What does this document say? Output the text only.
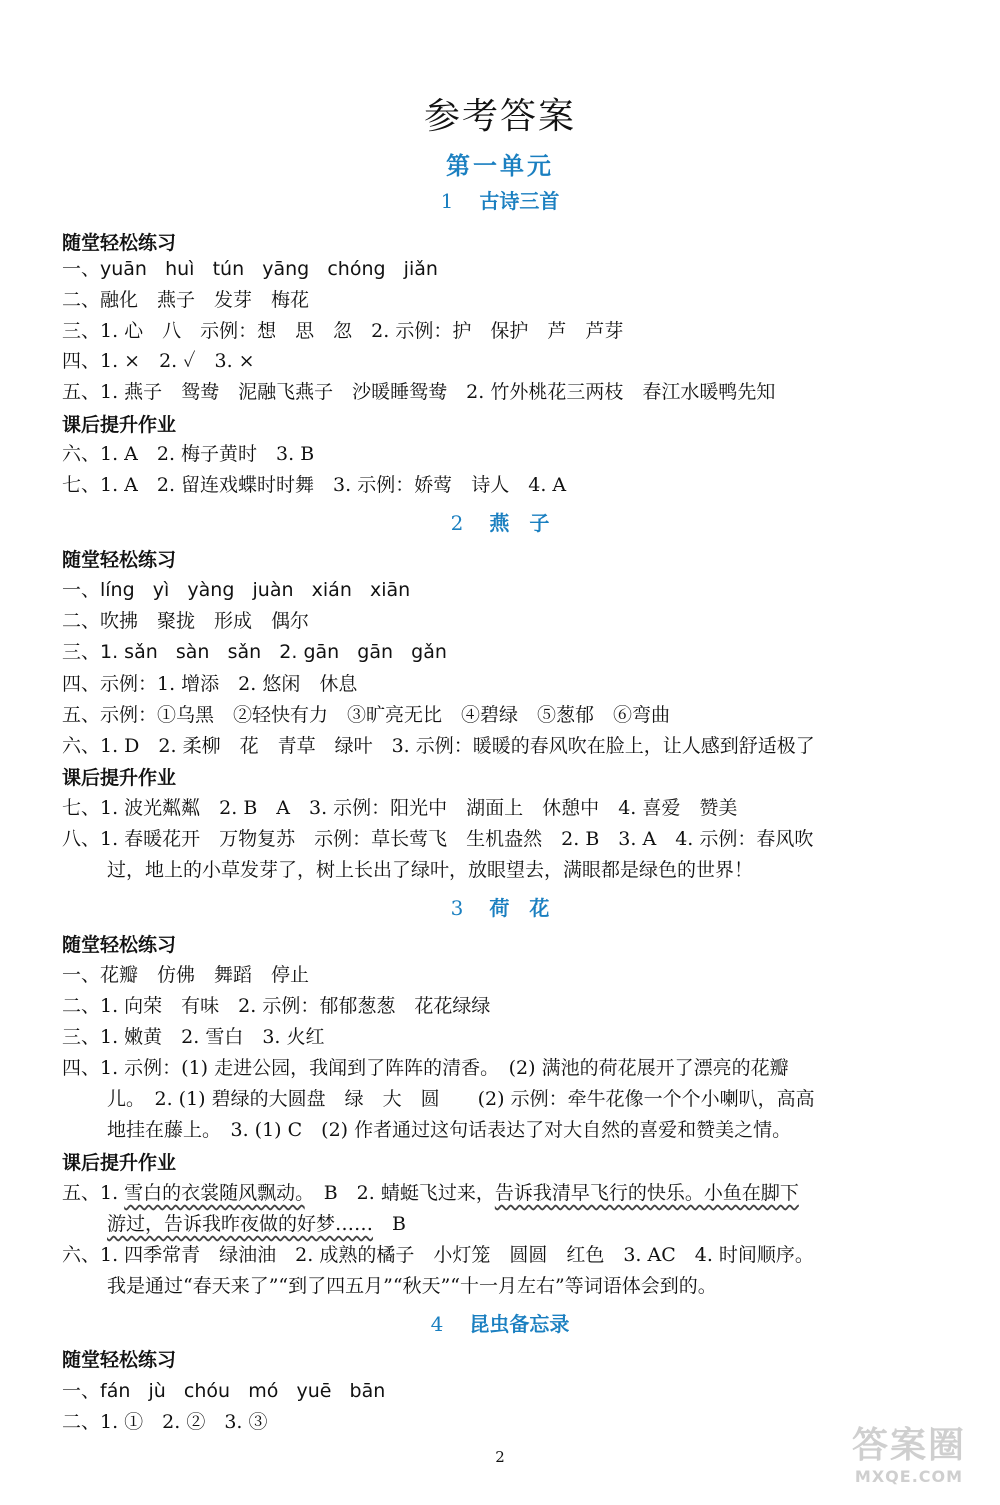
参考答案
第一单元
1 古诗三首
随堂轻松练习
一、yuān   huì   tún   yāng   chóng   jiǎn
二、融化　燕子　发芽　梅花
三、1. 心　八　示例：想　思　忽　2. 示例：护　保护　芦　芦芽
四、1. ×　2. ✓　3. ×
五、1. 燕子　鸳鸯　泥融飞燕子　沙暖睡鸳鸯　2. 竹外桃花三两枝　春江水暖鸭先知
课后提升作业
六、1. A　2. 梅子黄时　3. B
七、1. A　2. 留连戏蝶时时舞　3. 示例：娇莺　诗人　4. A
2 燕　子
随堂轻松练习
一、líng   yì   yàng   juàn   xián   xiān
二、吹拂　聚拢　形成　偶尔
三、1. sǎn   sàn   sǎn   2. gān   gān   gǎn
四、示例：1. 增添　2. 悠闲　休息
五、示例：①乌黑　②轻快有力　③旷亮无比　④碧绿　⑤葱郁　⑥弯曲
六、1. D　2. 柔柳　花　青草　绿叶　3. 示例：暖暖的春风吹在脸上，让人感到舒适极了
课后提升作业
七、1. 波光粼粼　2. B　A　3. 示例：阳光中　湖面上　休憩中　4. 喜爱　赞美
八、1. 春暖花开　万物复苏　示例：草长莺飞　生机盎然　2. B　3. A　4. 示例：春风吹
过，地上的小草发芽了，树上长出了绿叶，放眼望去，满眼都是绿色的世界！
3 荷　花
随堂轻松练习
一、花瓣　仿佛　舞蹈　停止
二、1. 向荣　有味　2. 示例：郁郁葱葱　花花绿绿
三、1. 嫩黄　2. 雪白　3. 火红
四、1. 示例：(1) 走进公园，我闻到了阵阵的清香。　(2) 满池的荷花展开了漂亮的花瓣
儿。　2. (1) 碧绿的大圆盘　绿　大　圆　　(2) 示例：牵牛花像一个个小喇叭，高高
地挂在藤上。　3. (1) C　(2) 作者通过这句话表达了对大自然的喜爱和赞美之情。
课后提升作业
五、1. 雪白的衣裳随风飘动。　B　2. 蜻蜓飞过来，告诉我清早飞行的快乐。小鱼在脚下
游过，告诉我昨夜做的好梦……　B
六、1. 四季常青　绿油油　2. 成熟的橘子　小灯笼　圆圆　红色　3. AC　4. 时间顺序。
我是通过“春天来了”“到了四五月”“秋天”“十一月左右”等词语体会到的。
4 昆虫备忘录
随堂轻松练习
一、fán   jù   chóu   mó   yuē   bān
二、1. ①　2. ②　3. ③
2	答案圈
MXQE.COM
